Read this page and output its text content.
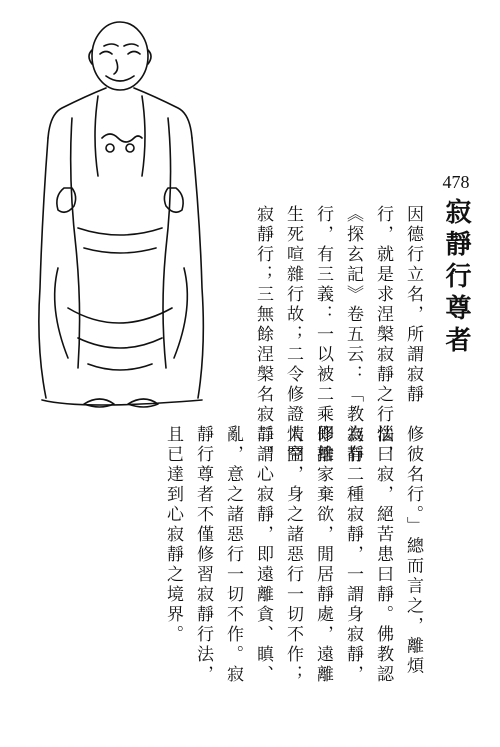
478
寂靜行尊者
因德行立名，所謂寂靜
行，就是求涅槃寂靜之行法，
《探玄記》卷五云：「教寂靜
行，有三義：一以被二乘修離
生死喧雜行故；二令修證人空
寂靜行；三無餘涅槃名寂靜，
修彼名行。」總而言之，離煩
惱曰寂，絕苦患曰靜。佛教認
為有二種寂靜，一謂身寂靜，
即捨家棄欲，閒居靜處，遠離
情鬧，身之諸惡行一切不作；
二謂心寂靜，即遠離貪、瞋、
亂，意之諸惡行一切不作。寂
靜行尊者不僅修習寂靜行法，
且已達到心寂靜之境界。
